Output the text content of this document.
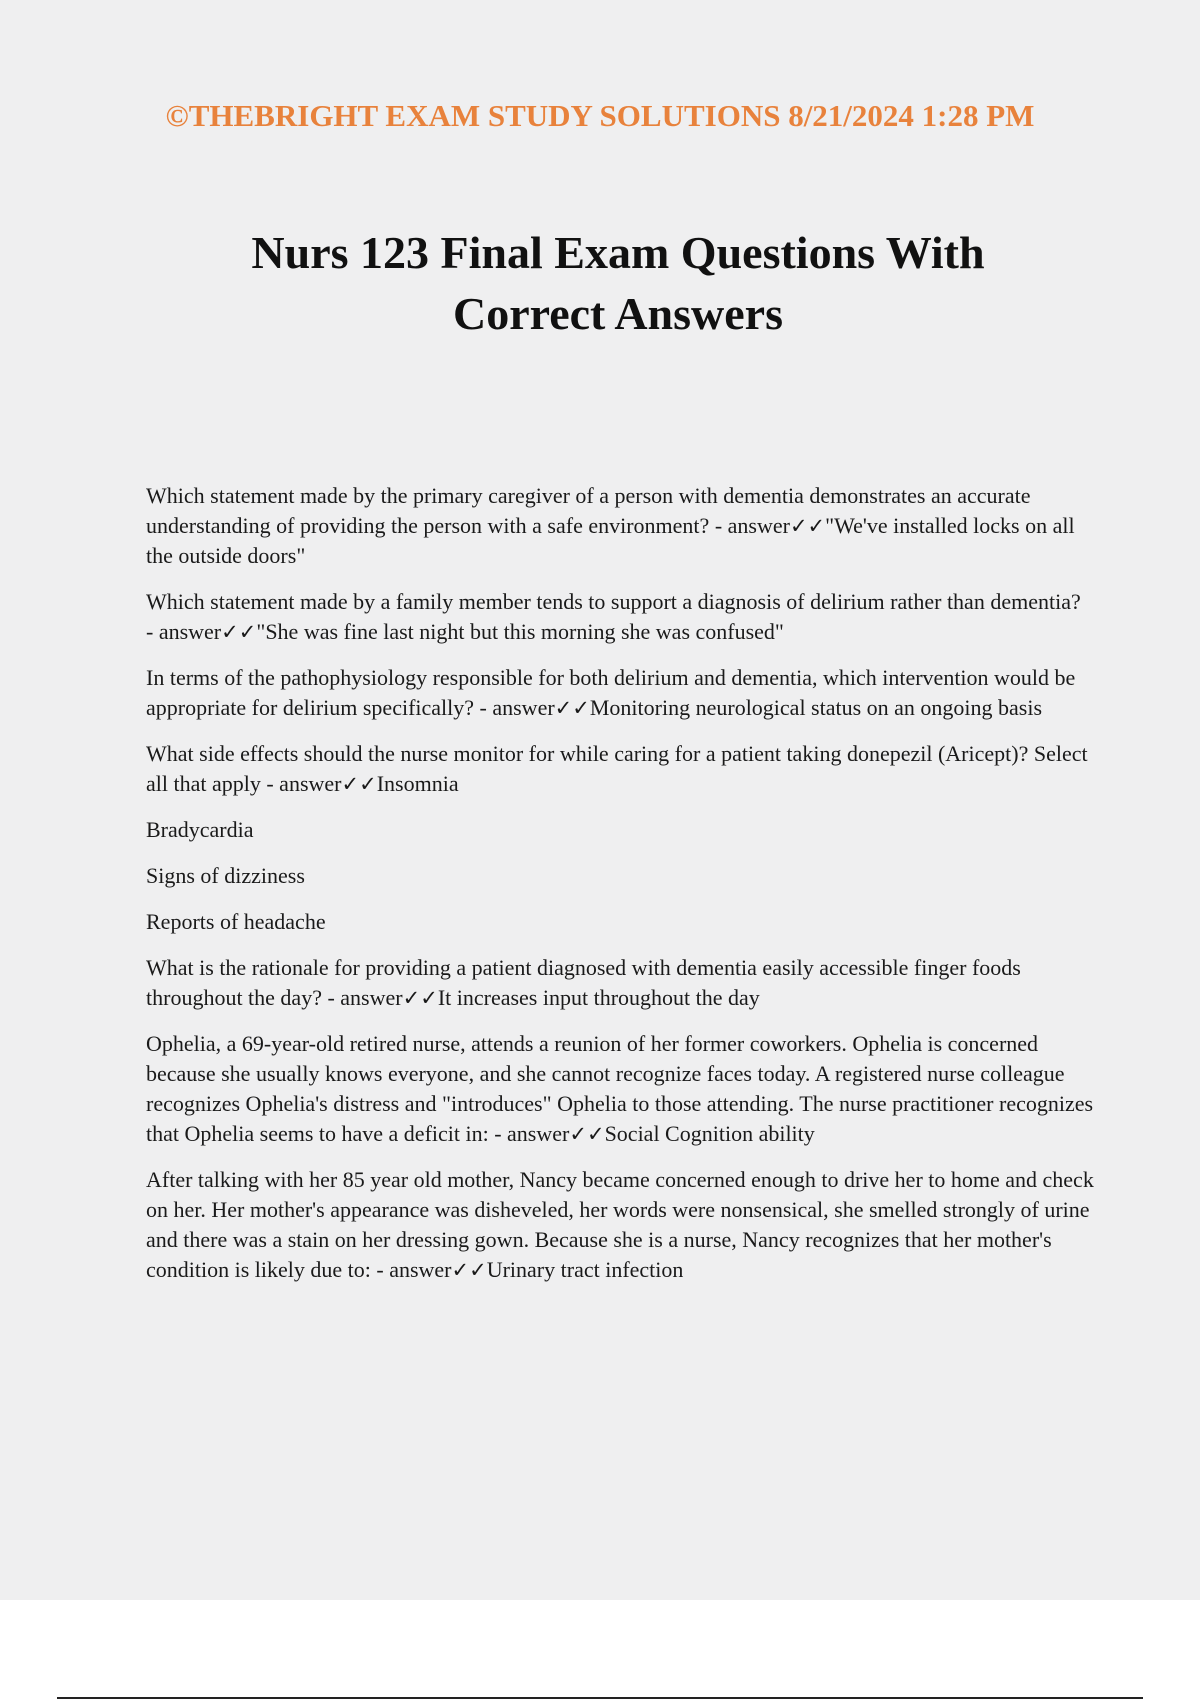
©THEBRIGHT EXAM STUDY SOLUTIONS 8/21/2024 1:28 PM
Nurs 123 Final Exam Questions With
Correct Answers

Which statement made by the primary caregiver of a person with dementia demonstrates an accurate understanding of providing the person with a safe environment? - answer✓✓"We've installed locks on all the outside doors"

Which statement made by a family member tends to support a diagnosis of delirium rather than dementia? - answer✓✓"She was fine last night but this morning she was confused"

In terms of the pathophysiology responsible for both delirium and dementia, which intervention would be appropriate for delirium specifically? - answer✓✓Monitoring neurological status on an ongoing basis

What side effects should the nurse monitor for while caring for a patient taking donepezil (Aricept)? Select all that apply - answer✓✓Insomnia

Bradycardia

Signs of dizziness

Reports of headache

What is the rationale for providing a patient diagnosed with dementia easily accessible finger foods throughout the day? - answer✓✓It increases input throughout the day

Ophelia, a 69-year-old retired nurse, attends a reunion of her former coworkers. Ophelia is concerned because she usually knows everyone, and she cannot recognize faces today. A registered nurse colleague recognizes Ophelia's distress and "introduces" Ophelia to those attending. The nurse practitioner recognizes that Ophelia seems to have a deficit in: - answer✓✓Social Cognition ability

After talking with her 85 year old mother, Nancy became concerned enough to drive her to home and check on her. Her mother's appearance was disheveled, her words were nonsensical, she smelled strongly of urine and there was a stain on her dressing gown. Because she is a nurse, Nancy recognizes that her mother's condition is likely due to: - answer✓✓Urinary tract infection
